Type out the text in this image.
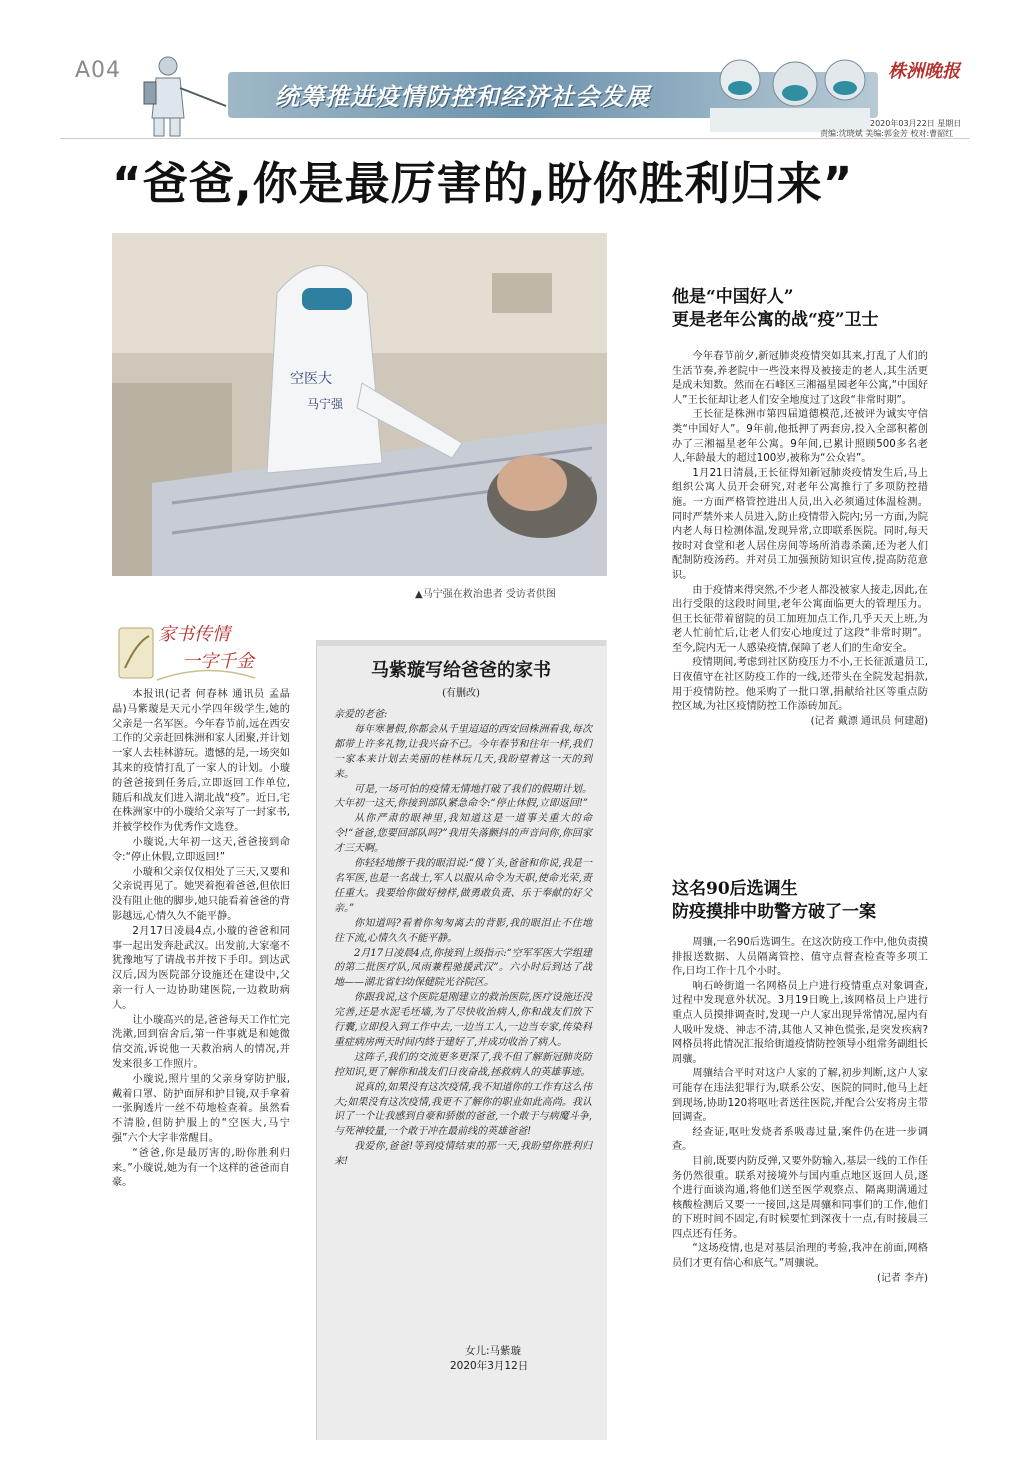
A04
统筹推进疫情防控和经济社会发展
株洲晚报
2020年03月22日 星期日
责编:沈晓斌 美编:郭金芳 校对:曹韶红
“爸爸,你是最厉害的,盼你胜利归来”
空医大
马宁强
▲马宁强在救治患者 受访者供图
家书传情
一字千金

本报讯(记者 何春林 通讯员 孟晶晶)马紫璇是天元小学四年级学生,她的父亲是一名军医。今年春节前,远在西安工作的父亲赶回株洲和家人团聚,并计划一家人去桂林游玩。遗憾的是,一场突如其来的疫情打乱了一家人的计划。小璇的爸爸接到任务后,立即返回工作单位,随后和战友们进入湖北战“疫”。近日,宅在株洲家中的小璇给父亲写了一封家书,并被学校作为优秀作文选登。

小璇说,大年初一这天,爸爸接到命令:“停止休假,立即返回!”

小璇和父亲仅仅相处了三天,又要和父亲说再见了。她哭着抱着爸爸,但依旧没有阻止他的脚步,她只能看着爸爸的背影越远,心情久久不能平静。

2月17日凌晨4点,小璇的爸爸和同事一起出发奔赴武汉。出发前,大家毫不犹豫地写了请战书并按下手印。到达武汉后,因为医院部分设施还在建设中,父亲一行人一边协助建医院,一边救助病人。

让小璇高兴的是,爸爸每天工作忙完洗漱,回到宿舍后,第一件事就是和她微信交流,诉说他一天救治病人的情况,并发来很多工作照片。

小璇说,照片里的父亲身穿防护服,戴着口罩、防护面屏和护目镜,双手拿着一张胸透片一丝不苟地检查着。虽然看不清脸,但防护服上的“空医大,马宁强”六个大字非常醒目。

“爸爸,你是最厉害的,盼你胜利归来。”小璇说,她为有一个这样的爸爸而自豪。

马紫璇写给爸爸的家书
(有删改)

亲爱的老爸:

每年寒暑假,你都会从千里迢迢的西安回株洲看我,每次都带上许多礼物,让我兴奋不已。今年春节和往年一样,我们一家本来计划去美丽的桂林玩几天,我盼望着这一天的到来。

可是,一场可怕的疫情无情地打破了我们的假期计划。大年初一这天,你接到部队紧急命令:“停止休假,立即返回!”

从你严肃的眼神里,我知道这是一道事关重大的命令!“爸爸,您要回部队吗?”我用失落颤抖的声音问你,你回家才三天啊。

你轻轻地擦干我的眼泪说:“傻丫头,爸爸和你说,我是一名军医,也是一名战士,军人以服从命令为天职,使命光荣,责任重大。我要给你做好榜样,做勇敢负责、乐于奉献的好父亲。”

你知道吗?看着你匆匆离去的背影,我的眼泪止不住地往下流,心情久久不能平静。

2月17日凌晨4点,你接到上级指示:“空军军医大学组建的第二批医疗队,凤雨兼程驰援武汉”。六小时后到达了战地——湖北省妇幼保健院光谷院区。

你跟我说,这个医院是刚建立的救治医院,医疗设施还没完善,还是水泥毛坯墙,为了尽快收治病人,你和战友们放下行囊,立即投入到工作中去,一边当工人,一边当专家,传染科重症病房两天时间内終于建好了,并成功收治了病人。

这阵子,我们的交流更多更深了,我不但了解新冠肺炎防控知识,更了解你和战友们日夜奋战,拯救病人的英雄事迹。

说真的,如果没有这次疫情,我不知道你的工作有这么伟大;如果没有这次疫情,我更不了解你的职业如此高尚。我认识了一个让我感到自豪和骄傲的爸爸,一个敢于与病魔斗争,与死神较量,一个敢于冲在最前线的英雄爸爸!

我爱你,爸爸!等到疫情结束的那一天,我盼望你胜利归来!

女儿:马紫璇
2020年3月12日
他是“中国好人”
更是老年公寓的战“疫”卫士

今年春节前夕,新冠肺炎疫情突如其来,打乱了人们的生活节奏,养老院中一些没来得及被接走的老人,其生活更是成未知数。然而在石峰区三湘福星园老年公寓,“中国好人”王长征却让老人们安全地度过了这段“非常时期”。

王长征是株洲市第四届道德模范,还被评为诚实守信类“中国好人”。9年前,他抵押了两套房,投入全部积蓄创办了三湘福星老年公寓。9年间,已累计照顾500多名老人,年龄最大的超过100岁,被称为“公众岩”。

1月21日清晨,王长征得知新冠肺炎疫情发生后,马上组织公寓人员开会研究,对老年公寓推行了多项防控措施。一方面严格管控进出人员,出入必须通过体温检测。同时严禁外来人员进入,防止疫情带入院内;另一方面,为院内老人每日检测体温,发现异常,立即联系医院。同时,每天按时对食堂和老人居住房间等场所消毒杀菌,还为老人们配制防疫汤药。并对员工加强预防知识宣传,提高防范意识。

由于疫情来得突然,不少老人都没被家人接走,因此,在出行受限的这段时间里,老年公寓面临更大的管理压力。但王长征带着留院的员工加班加点工作,几乎天天上班,为老人忙前忙后,让老人们安心地度过了这段“非常时期”。至今,院内无一人感染疫情,保障了老人们的生命安全。

疫情期间,考虑到社区防疫压力不小,王长征派遣员工,日夜值守在社区防疫工作的一线,还带头在全院发起捐款,用于疫情防控。他采购了一批口罩,捐献给社区等重点防控区域,为社区疫情防控工作添砖加瓦。

(记者 戴漂 通讯员 何建超)
这名90后选调生
防疫摸排中助警方破了一案

周骧,一名90后选调生。在这次防疫工作中,他负责摸排报送数据、人员隔离管控、值守点督查检查等多项工作,日均工作十几个小时。

响石岭街道一名网格员上户进行疫情重点对象调查,过程中发现意外状况。3月19日晚上,该网格员上户进行重点人员摸排调查时,发现一户人家出现异常情况,屋内有人吸叶发烧、神志不清,其他人又神色慌张,是突发疾病?网格员将此情况汇报给街道疫情防控领导小组常务副组长周骧。

周骧结合平时对这户人家的了解,初步判断,这户人家可能存在违法犯罪行为,联系公安、医院的同时,他马上赶到现场,协助120将呕吐者送往医院,并配合公安将房主带回调查。

经查证,呕吐发烧者系吸毒过量,案件仍在进一步调查。

目前,既要内防反弹,又要外防输入,基层一线的工作任务仍然很重。联系对接境外与国内重点地区返回人员,逐个进行面谈沟通,将他们送至医学观察点、隔离期满通过核酸检测后又要一一接回,这是周骧和同事们的工作,他们的下班时间不固定,有时候要忙到深夜十一点,有时接晨三四点还有任务。

“这场疫情,也是对基层治理的考验,我冲在前面,网格员们才更有信心和底气。”周骧说。

(记者 李卉)
